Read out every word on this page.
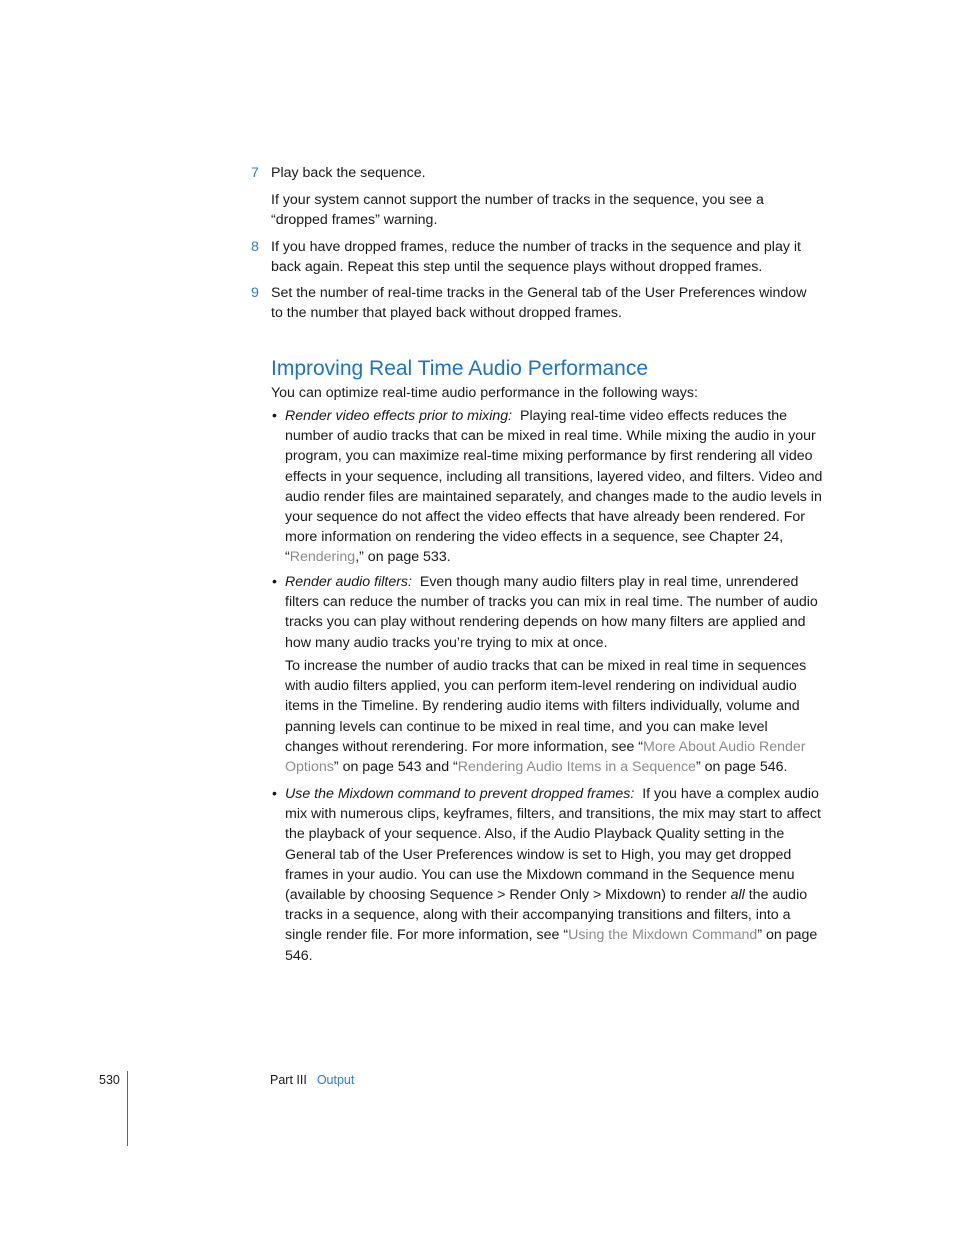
7 Play back the sequence.

If your system cannot support the number of tracks in the sequence, you see a “dropped frames” warning.

8 If you have dropped frames, reduce the number of tracks in the sequence and play it back again. Repeat this step until the sequence plays without dropped frames.

9 Set the number of real-time tracks in the General tab of the User Preferences window to the number that played back without dropped frames.

Improving Real Time Audio Performance

You can optimize real-time audio performance in the following ways:

• Render video effects prior to mixing: Playing real-time video effects reduces the number of audio tracks that can be mixed in real time. While mixing the audio in your program, you can maximize real-time mixing performance by first rendering all video effects in your sequence, including all transitions, layered video, and filters. Video and audio render files are maintained separately, and changes made to the audio levels in your sequence do not affect the video effects that have already been rendered. For more information on rendering the video effects in a sequence, see Chapter 24, “Rendering,” on page 533.

• Render audio filters: Even though many audio filters play in real time, unrendered filters can reduce the number of tracks you can mix in real time. The number of audio tracks you can play without rendering depends on how many filters are applied and how many audio tracks you’re trying to mix at once.

To increase the number of audio tracks that can be mixed in real time in sequences with audio filters applied, you can perform item-level rendering on individual audio items in the Timeline. By rendering audio items with filters individually, volume and panning levels can continue to be mixed in real time, and you can make level changes without rerendering. For more information, see “More About Audio Render Options” on page 543 and “Rendering Audio Items in a Sequence” on page 546.

• Use the Mixdown command to prevent dropped frames: If you have a complex audio mix with numerous clips, keyframes, filters, and transitions, the mix may start to affect the playback of your sequence. Also, if the Audio Playback Quality setting in the General tab of the User Preferences window is set to High, you may get dropped frames in your audio. You can use the Mixdown command in the Sequence menu (available by choosing Sequence > Render Only > Mixdown) to render all the audio tracks in a sequence, along with their accompanying transitions and filters, into a single render file. For more information, see “Using the Mixdown Command” on page 546.

530	Part III Output
